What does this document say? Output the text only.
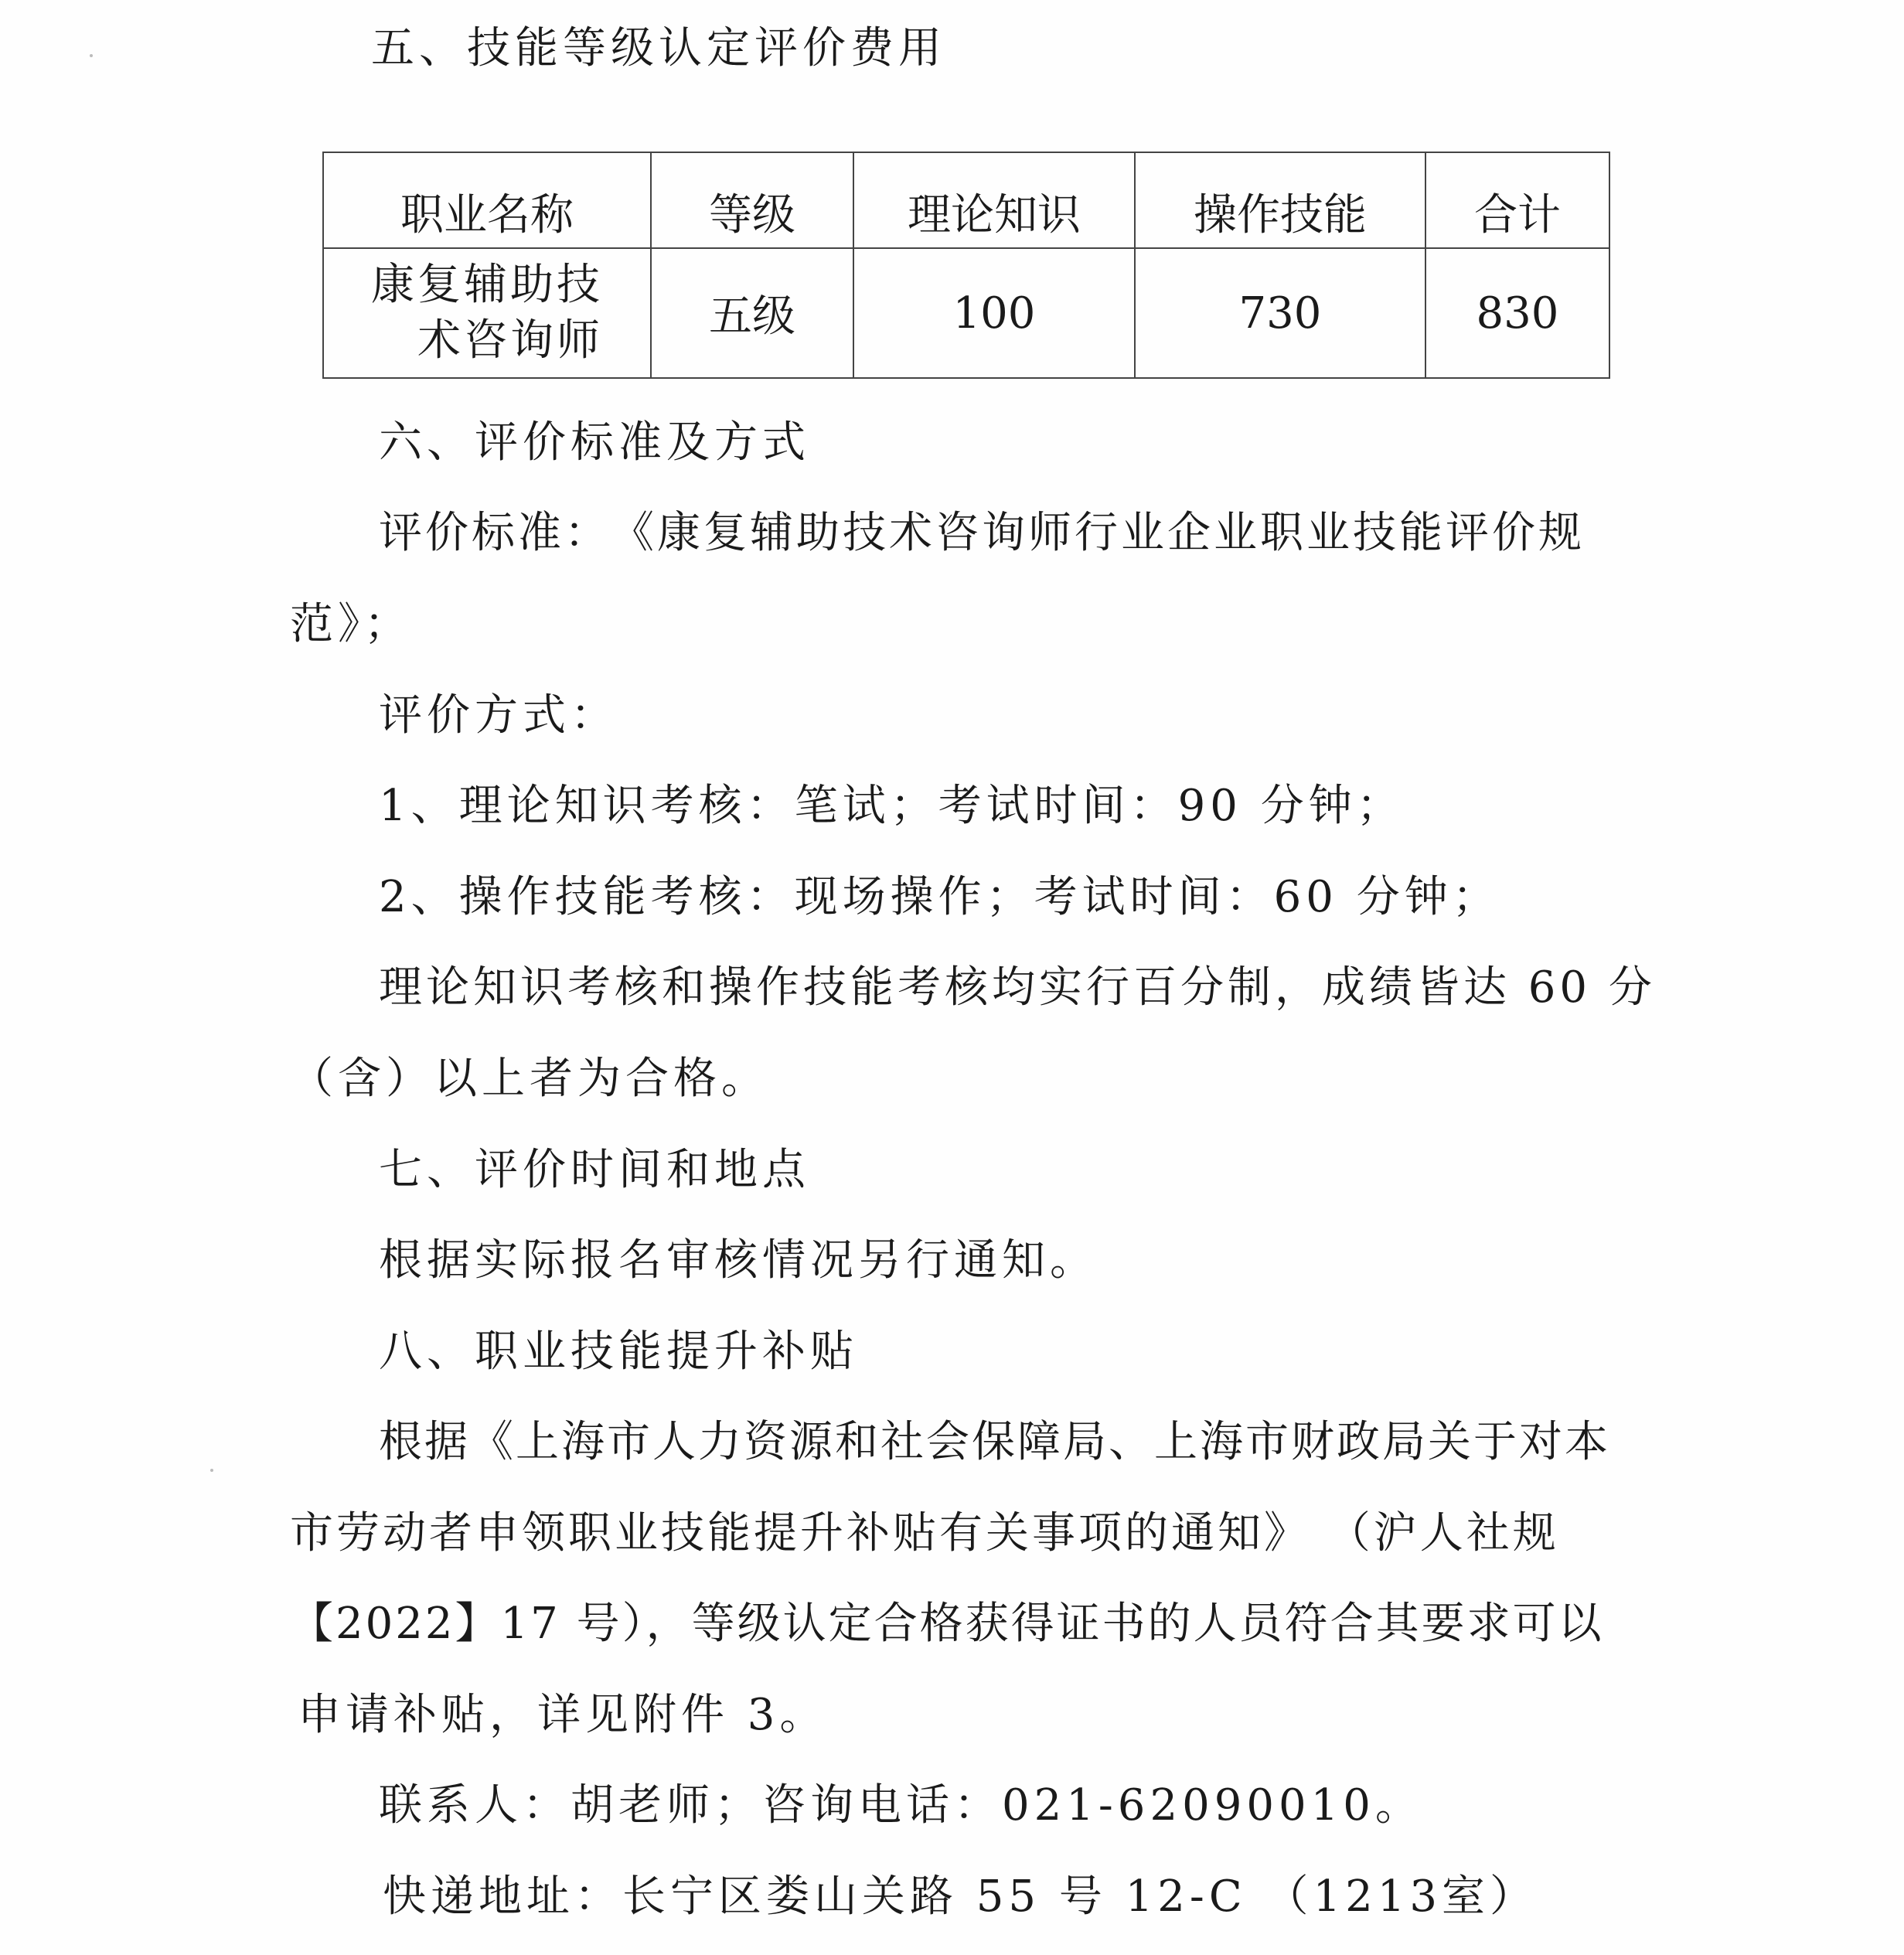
五、技能等级认定评价费用
职业名称	等级	理论知识	操作技能	合计

康复辅助技
术咨询师	五级	100	730	830
六、评价标准及方式
评 价 标 准 ： 《 康 复 辅 助 技 术 咨 询 师 行 业 企 业 职 业 技 能 评 价 规
范》；
评价方式：
1、理论知识考核：笔试；考试时间：90 分钟；
2、操作技能考核：现场操作；考试时间：60 分钟；
理论知识考核和操作技能考核均实行百分制，成绩皆达 60 分
（含）以上者为合格。
七、评价时间和地点
根据实际报名审核情况另行通知。
八、职业技能提升补贴
根据《上海市人力资源和社会保障局、上海市财政局关于对本
市劳动者申领职业技能提升补贴有关事项的通知》 （沪人社规
【2022】17 号），等级认定合格获得证书的人员符合其要求可以
申请补贴，详见附件 3。
联系人：胡老师；咨询电话：021-62090010。
快递地址：长宁区娄山关路 55 号 12-C （1213室）
